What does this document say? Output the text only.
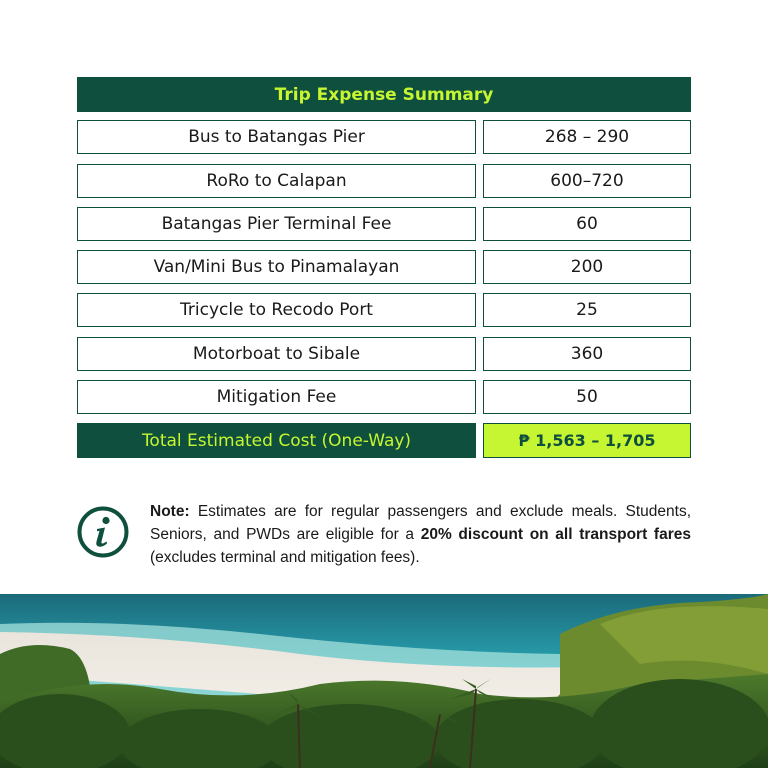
Trip Expense Summary
Bus to Batangas Pier	268 – 290
RoRo to Calapan	600–720
Batangas Pier Terminal Fee	60
Van/Mini Bus to Pinamalayan	200
Tricycle to Recodo Port	25
Motorboat to Sibale	360
Mitigation Fee	50
Total Estimated Cost (One-Way)	₱ 1,563 – 1,705
Note: Estimates are for regular passengers and exclude meals. Students, Seniors, and PWDs are eligible for a 20% discount on all transport fares (excludes terminal and mitigation fees).
